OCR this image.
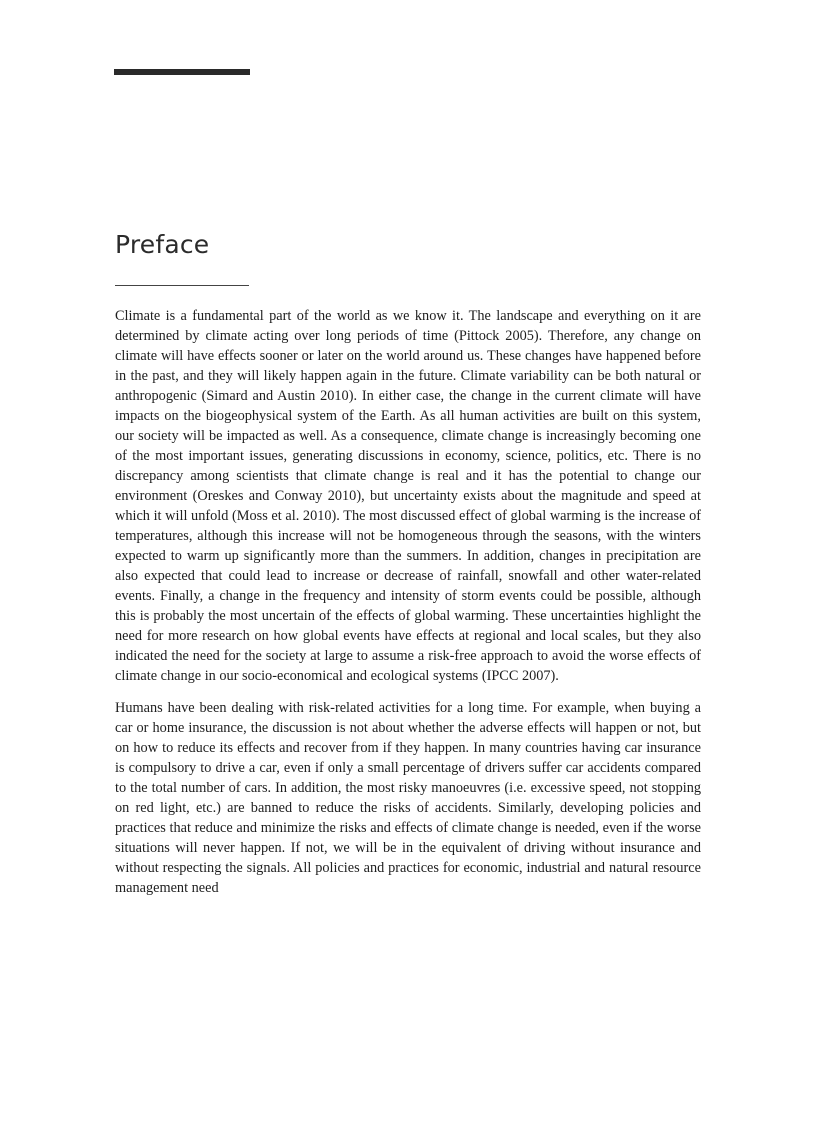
Preface

Climate is a fundamental part of the world as we know it. The landscape and everything on it are determined by climate acting over long periods of time (Pittock 2005). Therefore, any change on climate will have effects sooner or later on the world around us. These changes have happened before in the past, and they will likely happen again in the future. Climate variability can be both natural or anthropogenic (Simard and Austin 2010). In either case, the change in the current climate will have impacts on the biogeophysical system of the Earth. As all human activities are built on this system, our society will be impacted as well. As a consequence, climate change is increasingly becoming one of the most important issues, generating discussions in economy, science, politics, etc. There is no discrepancy among scientists that climate change is real and it has the potential to change our environment (Oreskes and Conway 2010), but uncertainty exists about the magnitude and speed at which it will unfold (Moss et al. 2010). The most discussed effect of global warming is the increase of temperatures, although this increase will not be homogeneous through the seasons, with the winters expected to warm up significantly more than the summers. In addition, changes in precipitation are also expected that could lead to increase or decrease of rainfall, snowfall and other water-related events. Finally, a change in the frequency and intensity of storm events could be possible, although this is probably the most uncertain of the effects of global warming. These uncertainties highlight the need for more research on how global events have effects at regional and local scales, but they also indicated the need for the society at large to assume a risk-free approach to avoid the worse effects of climate change in our socio-economical and ecological systems (IPCC 2007).

Humans have been dealing with risk-related activities for a long time. For example, when buying a car or home insurance, the discussion is not about whether the adverse effects will happen or not, but on how to reduce its effects and recover from if they happen. In many countries having car insurance is compulsory to drive a car, even if only a small percentage of drivers suffer car accidents compared to the total number of cars. In addition, the most risky manoeuvres (i.e. excessive speed, not stopping on red light, etc.) are banned to reduce the risks of accidents. Similarly, developing policies and practices that reduce and minimize the risks and effects of climate change is needed, even if the worse situations will never happen. If not, we will be in the equivalent of driving without insurance and without respecting the signals. All policies and practices for economic, industrial and natural resource management need
